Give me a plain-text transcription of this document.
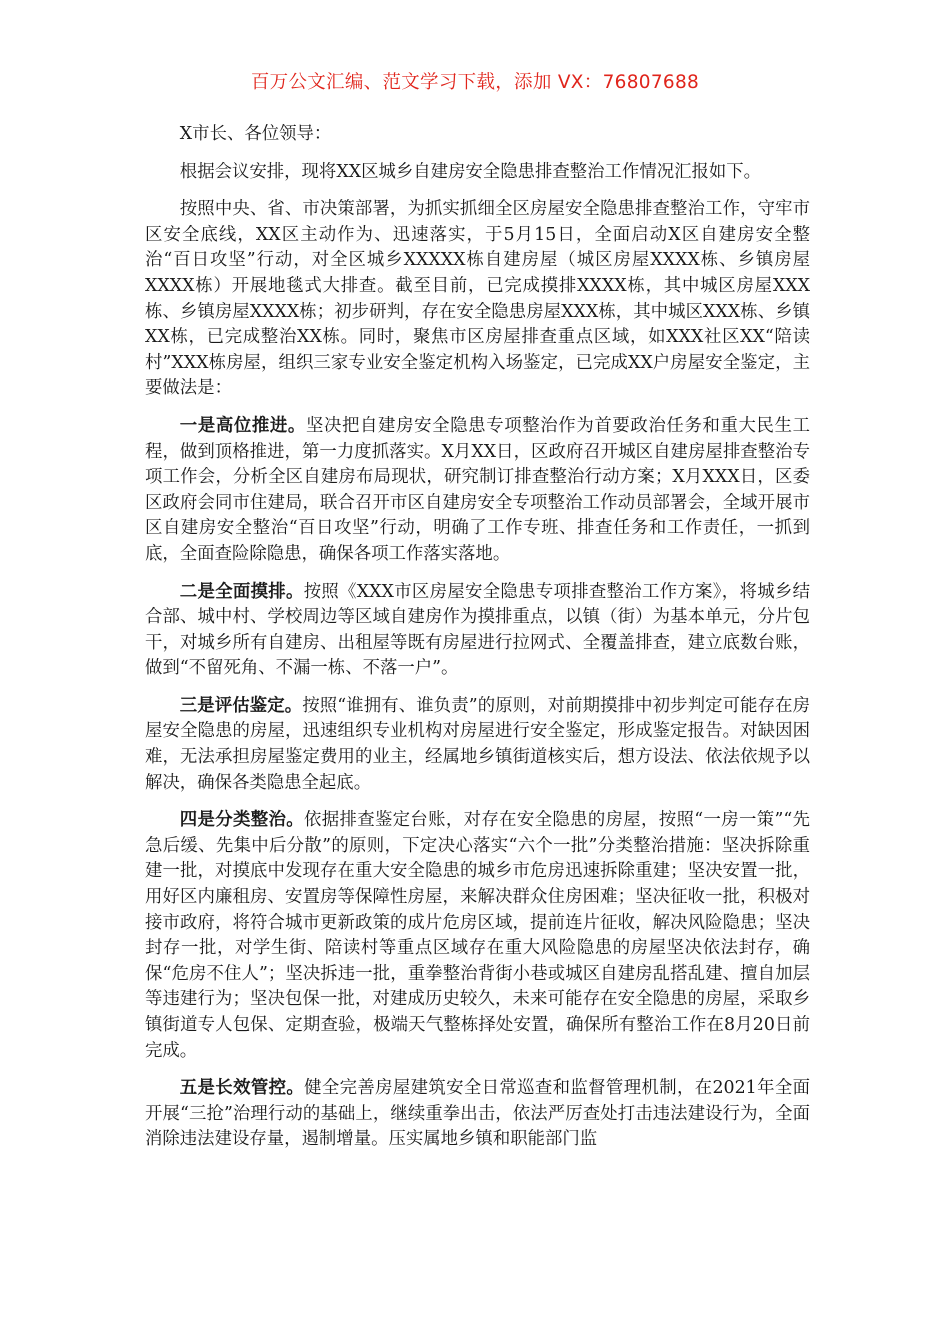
百万公文汇编、范文学习下载，添加 VX：76807688

X市长、各位领导：

根据会议安排，现将XX区城乡自建房安全隐患排查整治工作情况汇报如下。

按照中央、省、市决策部署，为抓实抓细全区房屋安全隐患排查整治工作，守牢市区安全底线，XX区主动作为、迅速落实，于5月15日，全面启动X区自建房安全整治“百日攻坚”行动，对全区城乡XXXXX栋自建房屋（城区房屋XXXX栋、乡镇房屋XXXX栋）开展地毯式大排查。截至目前，已完成摸排XXXX栋，其中城区房屋XXX栋、乡镇房屋XXXX栋；初步研判，存在安全隐患房屋XXX栋，其中城区XXX栋、乡镇XX栋，已完成整治XX栋。同时，聚焦市区房屋排查重点区域，如XXX社区XX“陪读村”XXX栋房屋，组织三家专业安全鉴定机构入场鉴定，已完成XX户房屋安全鉴定，主要做法是：

一是高位推进。坚决把自建房安全隐患专项整治作为首要政治任务和重大民生工程，做到顶格推进，第一力度抓落实。X月XX日，区政府召开城区自建房屋排查整治专项工作会，分析全区自建房布局现状，研究制订排查整治行动方案；X月XXX日，区委区政府会同市住建局，联合召开市区自建房安全专项整治工作动员部署会，全域开展市区自建房安全整治“百日攻坚”行动，明确了工作专班、排查任务和工作责任，一抓到底，全面查险除隐患，确保各项工作落实落地。

二是全面摸排。按照《XXX市区房屋安全隐患专项排查整治工作方案》，将城乡结合部、城中村、学校周边等区域自建房作为摸排重点，以镇（街）为基本单元，分片包干，对城乡所有自建房、出租屋等既有房屋进行拉网式、全覆盖排查，建立底数台账，做到“不留死角、不漏一栋、不落一户”。

三是评估鉴定。按照“谁拥有、谁负责”的原则，对前期摸排中初步判定可能存在房屋安全隐患的房屋，迅速组织专业机构对房屋进行安全鉴定，形成鉴定报告。对缺因困难，无法承担房屋鉴定费用的业主，经属地乡镇街道核实后，想方设法、依法依规予以解决，确保各类隐患全起底。

四是分类整治。依据排查鉴定台账，对存在安全隐患的房屋，按照“一房一策”“先急后缓、先集中后分散”的原则，下定决心落实“六个一批”分类整治措施：坚决拆除重建一批，对摸底中发现存在重大安全隐患的城乡市危房迅速拆除重建；坚决安置一批，用好区内廉租房、安置房等保障性房屋，来解决群众住房困难；坚决征收一批，积极对接市政府，将符合城市更新政策的成片危房区域，提前连片征收，解决风险隐患；坚决封存一批，对学生街、陪读村等重点区域存在重大风险隐患的房屋坚决依法封存，确保“危房不住人”；坚决拆违一批，重拳整治背街小巷或城区自建房乱搭乱建、擅自加层等违建行为；坚决包保一批，对建成历史较久，未来可能存在安全隐患的房屋，采取乡镇街道专人包保、定期查验，极端天气整栋择处安置，确保所有整治工作在8月20日前完成。

五是长效管控。健全完善房屋建筑安全日常巡查和监督管理机制，在2021年全面开展“三抢”治理行动的基础上，继续重拳出击，依法严厉查处打击违法建设行为，全面消除违法建设存量，遏制增量。压实属地乡镇和职能部门监
